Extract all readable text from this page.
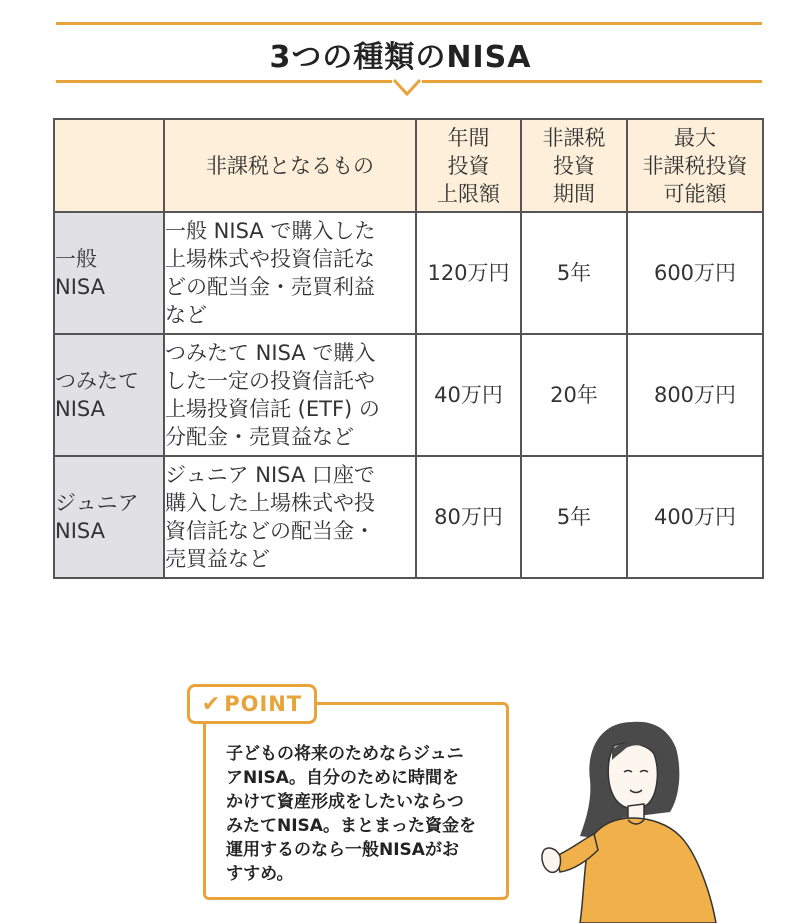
3つの種類のNISA
	非課税となるもの	年間
投資
上限額	非課税
投資
期間	最大
非課税投資
可能額
一般
NISA	一般 NISA で購入した
上場株式や投資信託な
どの配当金・売買利益
など	120万円	5年	600万円
つみたて
NISA	つみたて NISA で購入
した一定の投資信託や
上場投資信託 (ETF) の
分配金・売買益など	40万円	20年	800万円
ジュニア
NISA	ジュニア NISA 口座で
購入した上場株式や投
資信託などの配当金・
売買益など	80万円	5年	400万円
✔ POINT
子どもの将来のためならジュニ
アNISA。自分のために時間を
かけて資産形成をしたいならつ
みたてNISA。まとまった資金を
運用するのなら一般NISAがお
すすめ。
